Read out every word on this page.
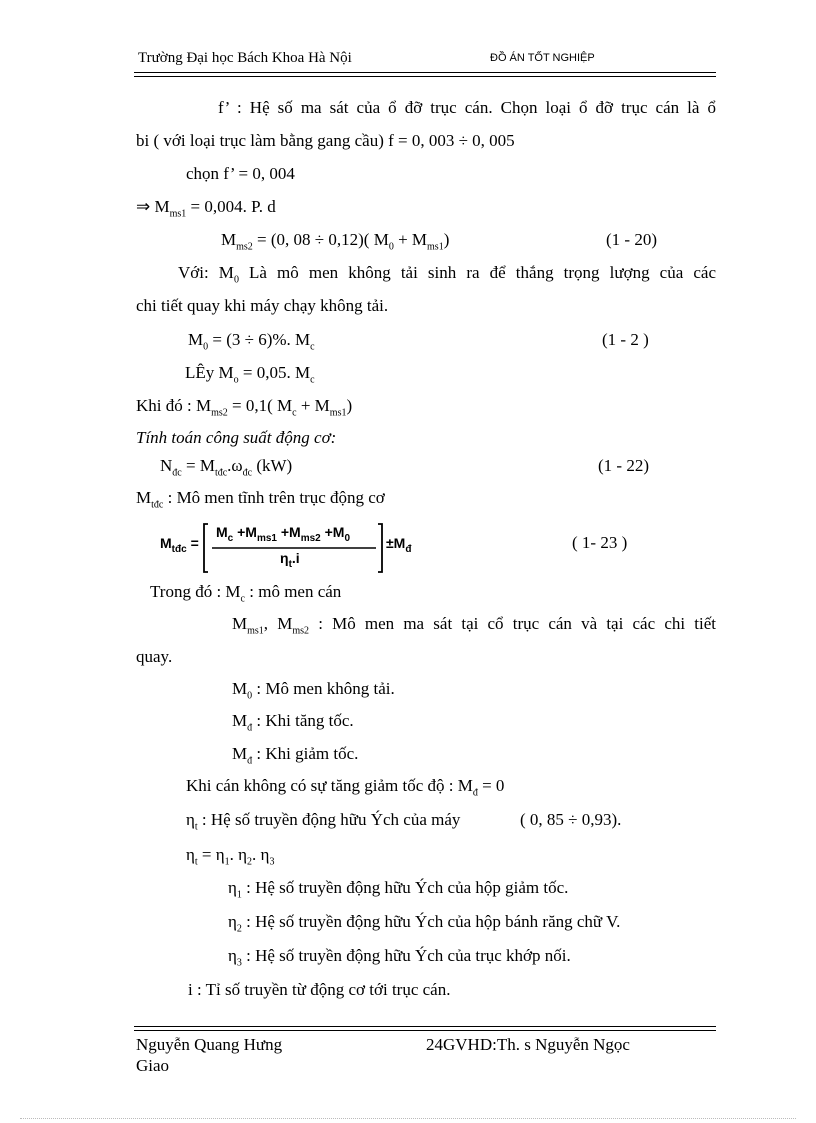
Trường Đại học Bách Khoa Hà Nội	ĐỒ ÁN TỐT NGHIỆP
f’ : Hệ số ma sát của ổ đỡ trục cán. Chọn loại ổ đỡ trục cán là ổ
bi ( với loại trục làm bằng gang cầu) f = 0, 003 ÷ 0, 005
chọn f’ = 0, 004
⇒ $M_{ms1} = 0,004$. P. d
$M_{ms2} = (0$, 08 ÷ 0,12)( $M_0 + M_{ms1}$)	(1 - 20)
Với: $M_0$ Là mô men không tải sinh ra để thắng trọng lượng của các
chi tiết quay khi máy chạy không tải.
$M_0 = (3 \div 6)\%$. $M_c$	(1 - 2 )
LÊy $M_o = 0,05$. $M_c$
Khi đó : $M_{ms2} = 0,1$( $M_c + M_{ms1}$)
Tính toán công suất động cơ:
$N_{đc} = M_{tđc}.\omega_{đc}$ (kW)	(1 - 22)
$M_{tđc}$ : Mô men tĩnh trên trục động cơ
$M_{tđc}$ =
$M_c +M_{ms1} +M_{ms2} +M_0$
$\eta_t.i$
$\pm M_đ$	( 1- 23 )
Trong đó : $M_c$ : mô men cán
$M_{ms1}$, $M_{ms2}$ : Mô men ma sát tại cổ trục cán và tại các chi tiết
quay.
$M_0$ : Mô men không tải.
$M_đ$ : Khi tăng tốc.
$M_đ$ : Khi giảm tốc.
Khi cán không có sự tăng giảm tốc độ : $M_đ = 0$
$\eta_t$ : Hệ số truyền động hữu Ých của máy	( 0, 85 ÷ 0,93).
$\eta_t = \eta_1$. $\eta_2$. $\eta_3$
$\eta_1$ : Hệ số truyền động hữu Ých của hộp giảm tốc.
$\eta_2$ : Hệ số truyền động hữu Ých của hộp bánh răng chữ V.
$\eta_3$ : Hệ số truyền động hữu Ých của trục khớp nối.
i : Tỉ số truyền từ động cơ tới trục cán.
Nguyễn Quang Hưng	24GVHD:Th. s Nguyễn Ngọc
Giao
